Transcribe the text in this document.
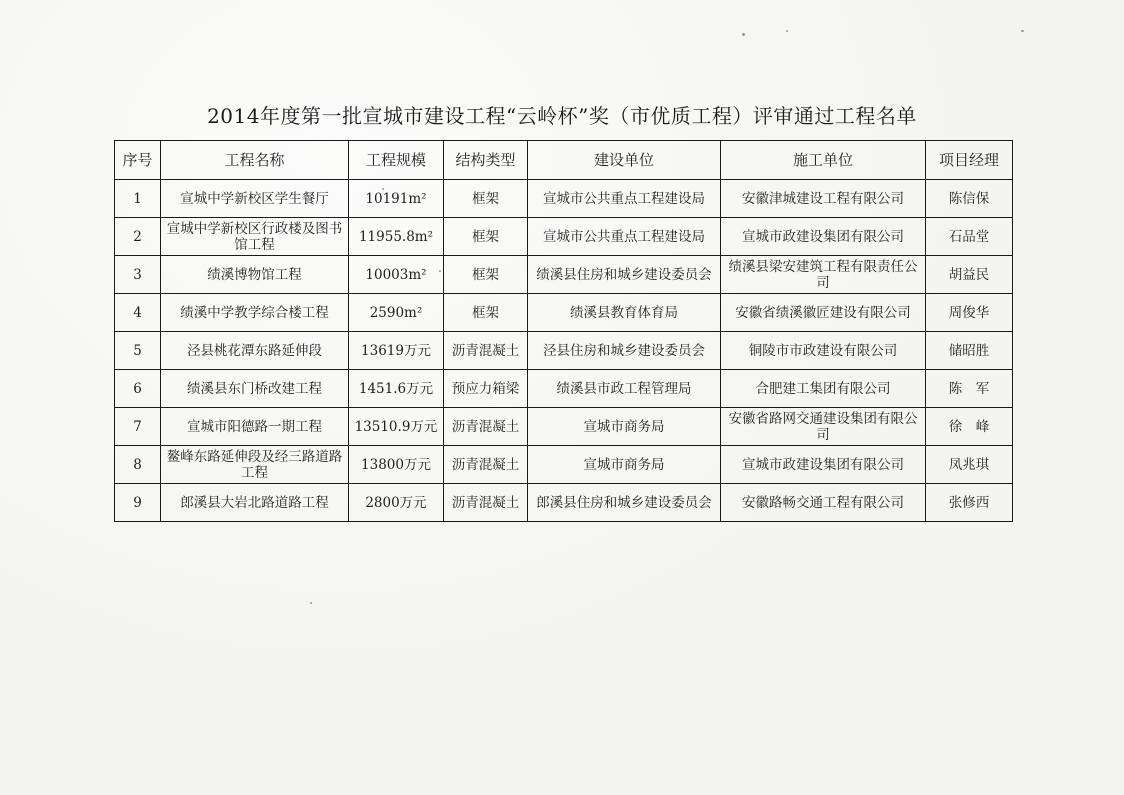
2014年度第一批宣城市建设工程“云岭杯”奖（市优质工程）评审通过工程名单
序号	工程名称	工程规模	结构类型	建设单位	施工单位	项目经理
1	宣城中学新校区学生餐厅	10191m²	框架	宣城市公共重点工程建设局	安徽津城建设工程有限公司	陈信保
2	宣城中学新校区行政楼及图书馆工程	11955.8m²	框架	宣城市公共重点工程建设局	宣城市政建设集团有限公司	石品堂
3	绩溪博物馆工程	10003m²	框架	绩溪县住房和城乡建设委员会	绩溪县梁安建筑工程有限责任公司	胡益民
4	绩溪中学教学综合楼工程	2590m²	框架	绩溪县教育体育局	安徽省绩溪徽匠建设有限公司	周俊华
5	泾县桃花潭东路延伸段	13619万元	沥青混凝土	泾县住房和城乡建设委员会	铜陵市市政建设有限公司	储昭胜
6	绩溪县东门桥改建工程	1451.6万元	预应力箱梁	绩溪县市政工程管理局	合肥建工集团有限公司	陈　军
7	宣城市阳德路一期工程	13510.9万元	沥青混凝土	宣城市商务局	安徽省路网交通建设集团有限公司	徐　峰
8	鳌峰东路延伸段及经三路道路工程	13800万元	沥青混凝土	宣城市商务局	宣城市政建设集团有限公司	凤兆琪
9	郎溪县大岩北路道路工程	2800万元	沥青混凝土	郎溪县住房和城乡建设委员会	安徽路畅交通工程有限公司	张修西
